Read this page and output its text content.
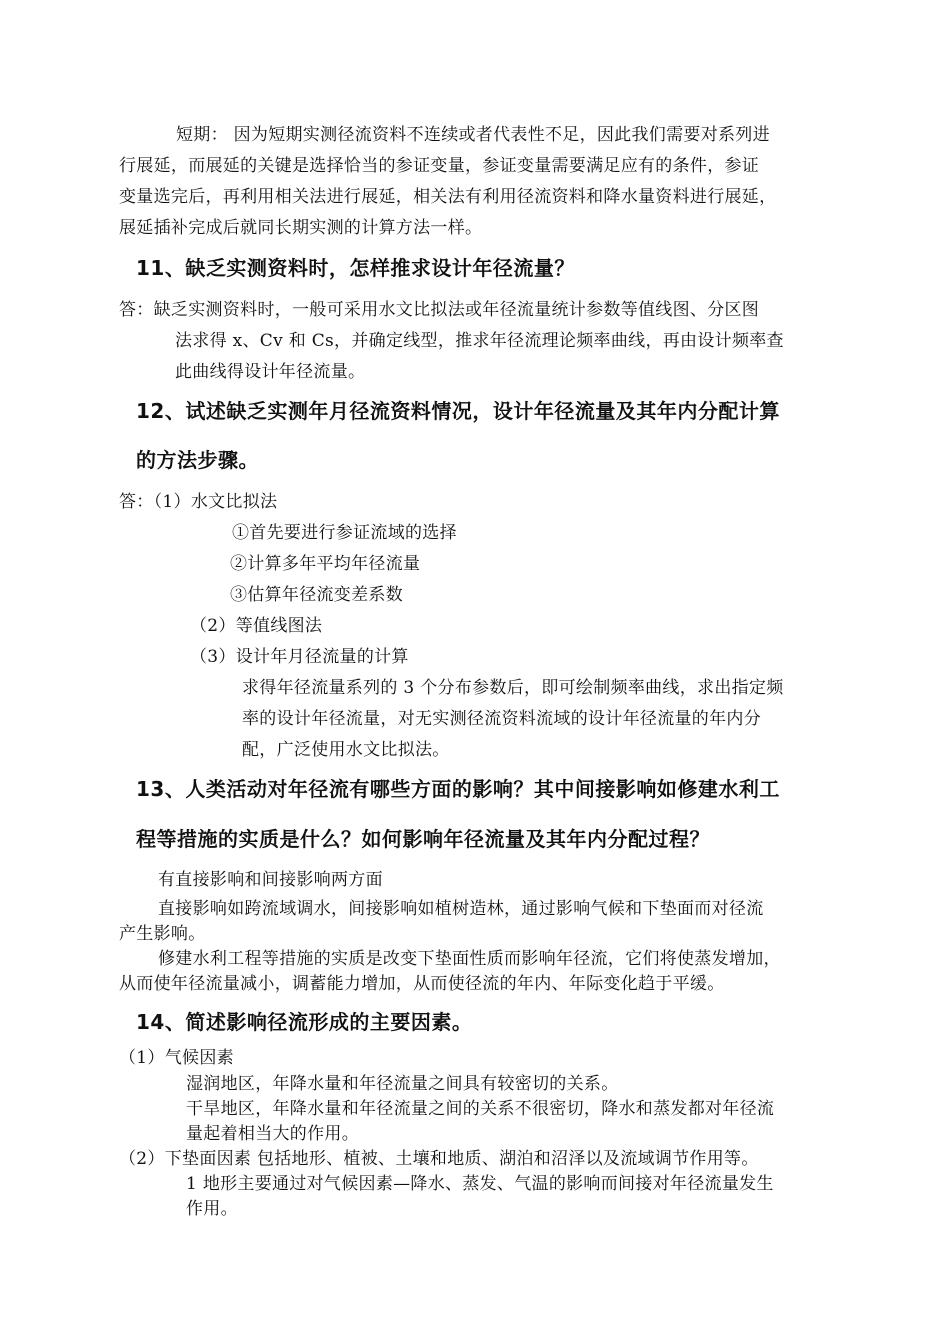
短期： 因为短期实测径流资料不连续或者代表性不足，因此我们需要对系列进
行展延，而展延的关键是选择恰当的参证变量，参证变量需要满足应有的条件，参证
变量选完后，再利用相关法进行展延，相关法有利用径流资料和降水量资料进行展延，
展延插补完成后就同长期实测的计算方法一样。
11、缺乏实测资料时，怎样推求设计年径流量？
答：缺乏实测资料时，一般可采用水文比拟法或年径流量统计参数等值线图、分区图
法求得 x、Cv 和 Cs，并确定线型，推求年径流理论频率曲线，再由设计频率查
此曲线得设计年径流量。
12、试述缺乏实测年月径流资料情况，设计年径流量及其年内分配计算
的方法步骤。
答：（1）水文比拟法
①首先要进行参证流域的选择
②计算多年平均年径流量
③估算年径流变差系数
（2）等值线图法
（3）设计年月径流量的计算
求得年径流量系列的 3 个分布参数后，即可绘制频率曲线，求出指定频
率的设计年径流量，对无实测径流资料流域的设计年径流量的年内分
配，广泛使用水文比拟法。
13、人类活动对年径流有哪些方面的影响？其中间接影响如修建水利工
程等措施的实质是什么？如何影响年径流量及其年内分配过程？
有直接影响和间接影响两方面
直接影响如跨流域调水，间接影响如植树造林，通过影响气候和下垫面而对径流
产生影响。
修建水利工程等措施的实质是改变下垫面性质而影响年径流，它们将使蒸发增加，
从而使年径流量减小，调蓄能力增加，从而使径流的年内、年际变化趋于平缓。
14、简述影响径流形成的主要因素。
（1）气候因素
湿润地区，年降水量和年径流量之间具有较密切的关系。
干旱地区，年降水量和年径流量之间的关系不很密切，降水和蒸发都对年径流
量起着相当大的作用。
（2）下垫面因素 包括地形、植被、土壤和地质、湖泊和沼泽以及流域调节作用等。
1 地形主要通过对气候因素—降水、蒸发、气温的影响而间接对年径流量发生
作用。
